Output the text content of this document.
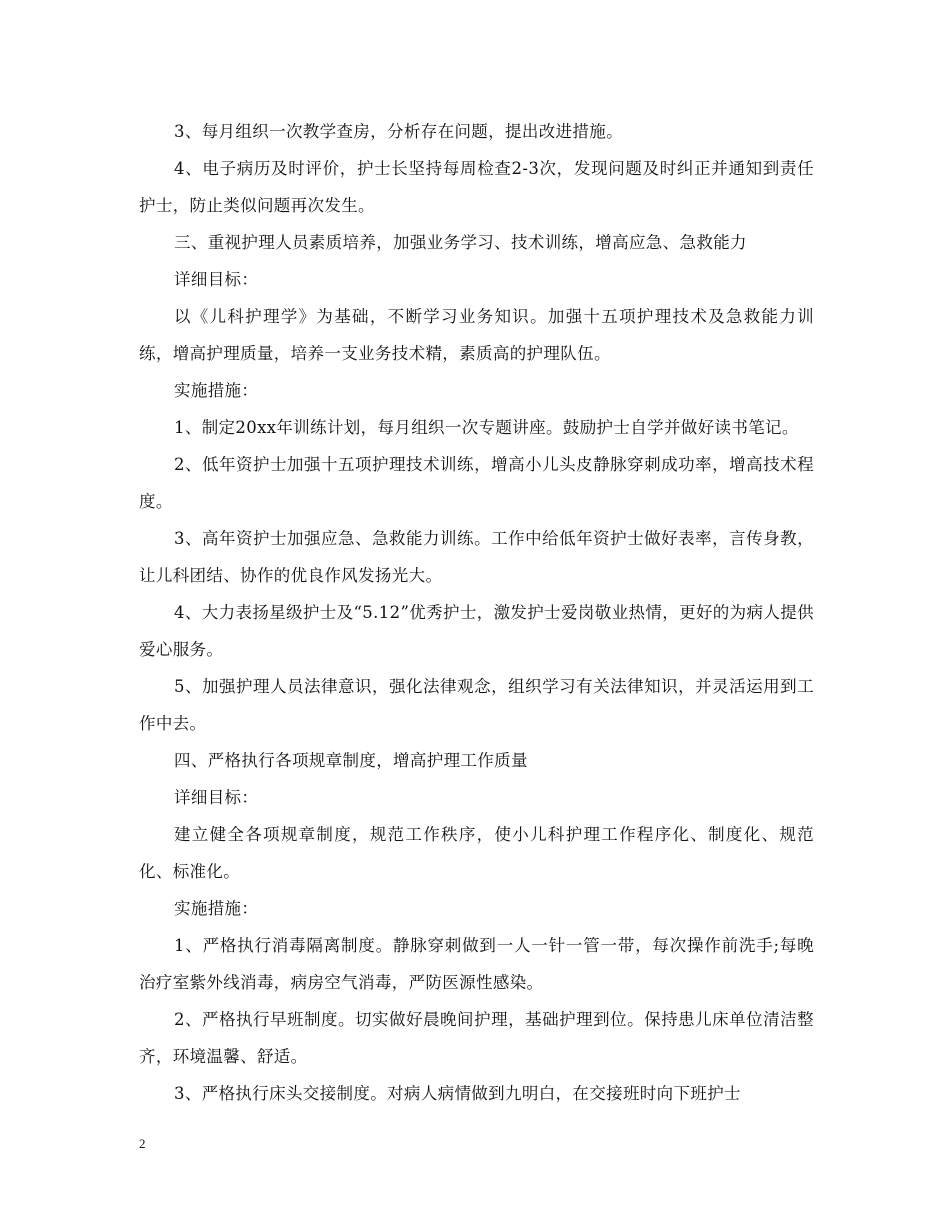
3、每月组织一次教学查房，分析存在问题，提出改进措施。

4、电子病历及时评价，护士长坚持每周检查2-3次，发现问题及时纠正并通知到责任护士，防止类似问题再次发生。

三、重视护理人员素质培养，加强业务学习、技术训练，增高应急、急救能力

详细目标：

以《儿科护理学》为基础，不断学习业务知识。加强十五项护理技术及急救能力训练，增高护理质量，培养一支业务技术精，素质高的护理队伍。

实施措施：

1、制定20xx年训练计划，每月组织一次专题讲座。鼓励护士自学并做好读书笔记。

2、低年资护士加强十五项护理技术训练，增高小儿头皮静脉穿刺成功率，增高技术程度。

3、高年资护士加强应急、急救能力训练。工作中给低年资护士做好表率，言传身教，让儿科团结、协作的优良作风发扬光大。

4、大力表扬星级护士及“5.12”优秀护士，激发护士爱岗敬业热情，更好的为病人提供爱心服务。

5、加强护理人员法律意识，强化法律观念，组织学习有关法律知识，并灵活运用到工作中去。

四、严格执行各项规章制度，增高护理工作质量

详细目标：

建立健全各项规章制度，规范工作秩序，使小儿科护理工作程序化、制度化、规范化、标准化。

实施措施：

1、严格执行消毒隔离制度。静脉穿刺做到一人一针一管一带，每次操作前洗手;每晚治疗室紫外线消毒，病房空气消毒，严防医源性感染。

2、严格执行早班制度。切实做好晨晚间护理，基础护理到位。保持患儿床单位清洁整齐，环境温馨、舒适。

3、严格执行床头交接制度。对病人病情做到九明白，在交接班时向下班护士

2
